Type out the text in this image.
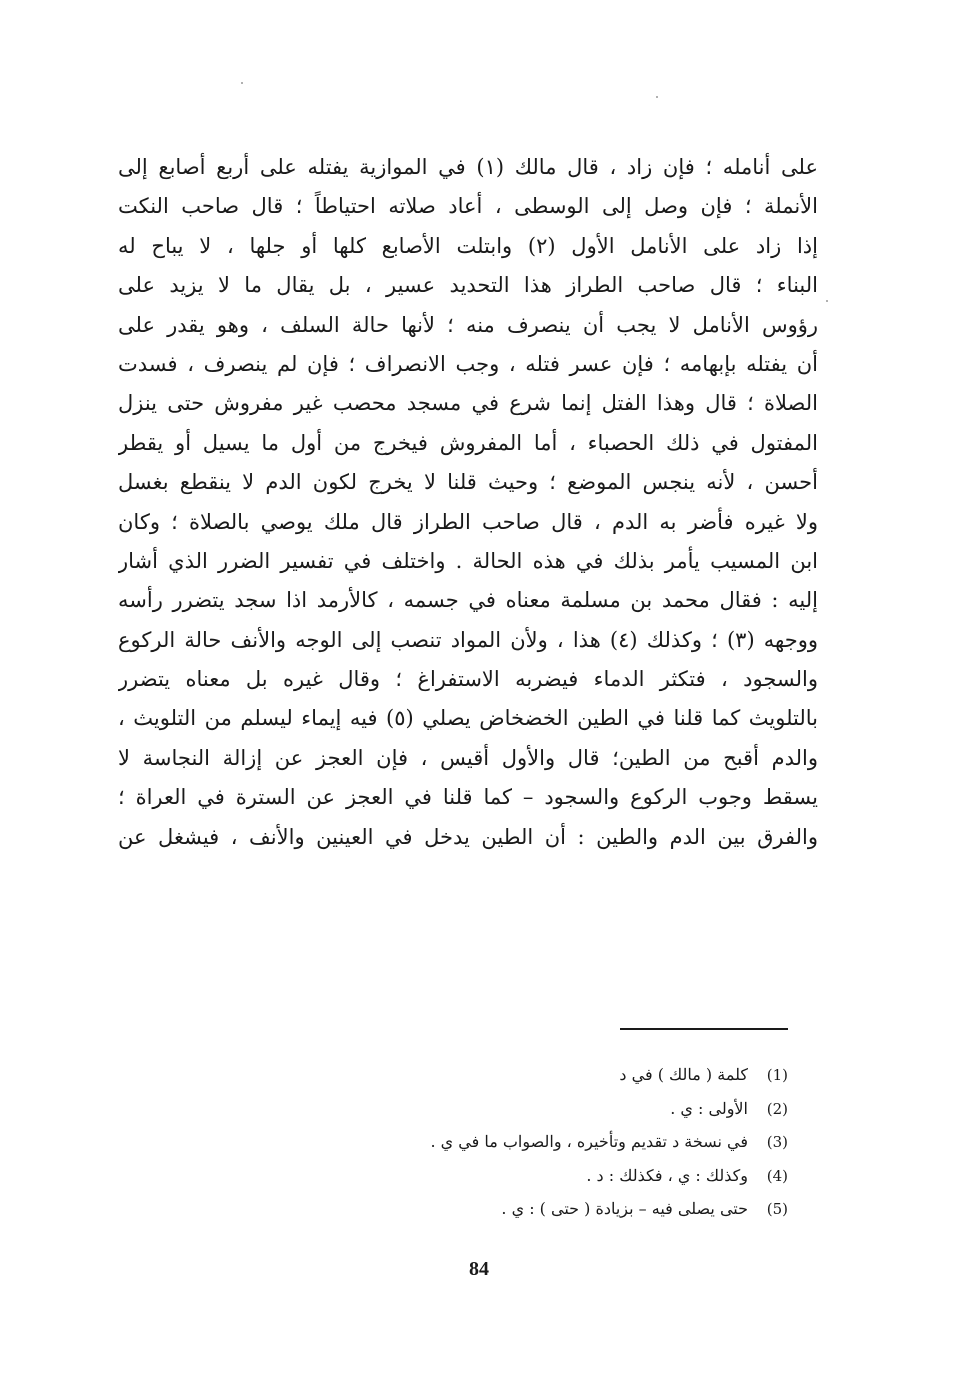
على أنامله ؛ فإن زاد ، قال مالك (١) في الموازية يفتله على أربع أصابع إلى
الأنملة ؛ فإن وصل إلى الوسطى ، أعاد صلاته احتياطاً ؛ قال صاحب النكت
إذا زاد على الأنامل الأول (٢) وابتلت الأصابع كلها أو جلها ، لا يباح له
البناء ؛ قال صاحب الطراز هذا التحديد عسير ، بل يقال ما لا يزيد على
رؤوس الأنامل لا يجب أن ينصرف منه ؛ لأنها حالة السلف ، وهو يقدر على
أن يفتله بإبهامه ؛ فإن عسر فتله ، وجب الانصراف ؛ فإن لم ينصرف ، فسدت
الصلاة ؛ قال وهذا الفتل إنما شرع في مسجد محصب غير مفروش حتى ينزل
المفتول في ذلك الحصباء ، أما المفروش فيخرج من أول ما يسيل أو يقطر
أحسن ، لأنه ينجس الموضع ؛ وحيث قلنا لا يخرج لكون الدم لا ينقطع بغسل
ولا غيره فأضر به الدم ، قال صاحب الطراز قال ملك يوصي بالصلاة ؛ وكان
ابن المسيب يأمر بذلك في هذه الحالة . واختلف في تفسير الضرر الذي أشار
إليه : فقال محمد بن مسلمة معناه في جسمه ، كالأرمد اذا سجد يتضرر رأسه
ووجهه (٣) ؛ وكذلك (٤) هذا ، ولأن المواد تنصب إلى الوجه والأنف حالة الركوع
والسجود ، فتكثر الدماء فيضربه الاستفراغ ؛ وقال غيره بل معناه يتضرر
بالتلويث كما قلنا في الطين الخضخاض يصلي (٥) فيه إيماء ليسلم من التلويث ،
والدم أقبح من الطين؛ قال والأول أقيس ، فإن العجز عن إزالة النجاسة لا
يسقط وجوب الركوع والسجود – كما قلنا في العجز عن السترة في العراة ؛
والفرق بين الدم والطين : أن الطين يدخل في العينين والأنف ، فيشغل عن
(1)كلمة ( مالك ) في د
(2)الأولى : ي .
(3)في نسخة د تقديم وتأخيره ، والصواب ما في ي .
(4)وكذلك : ي ، فكذلك : د .
(5)حتى يصلى فيه – بزيادة ( حتى ) : ي .
84
